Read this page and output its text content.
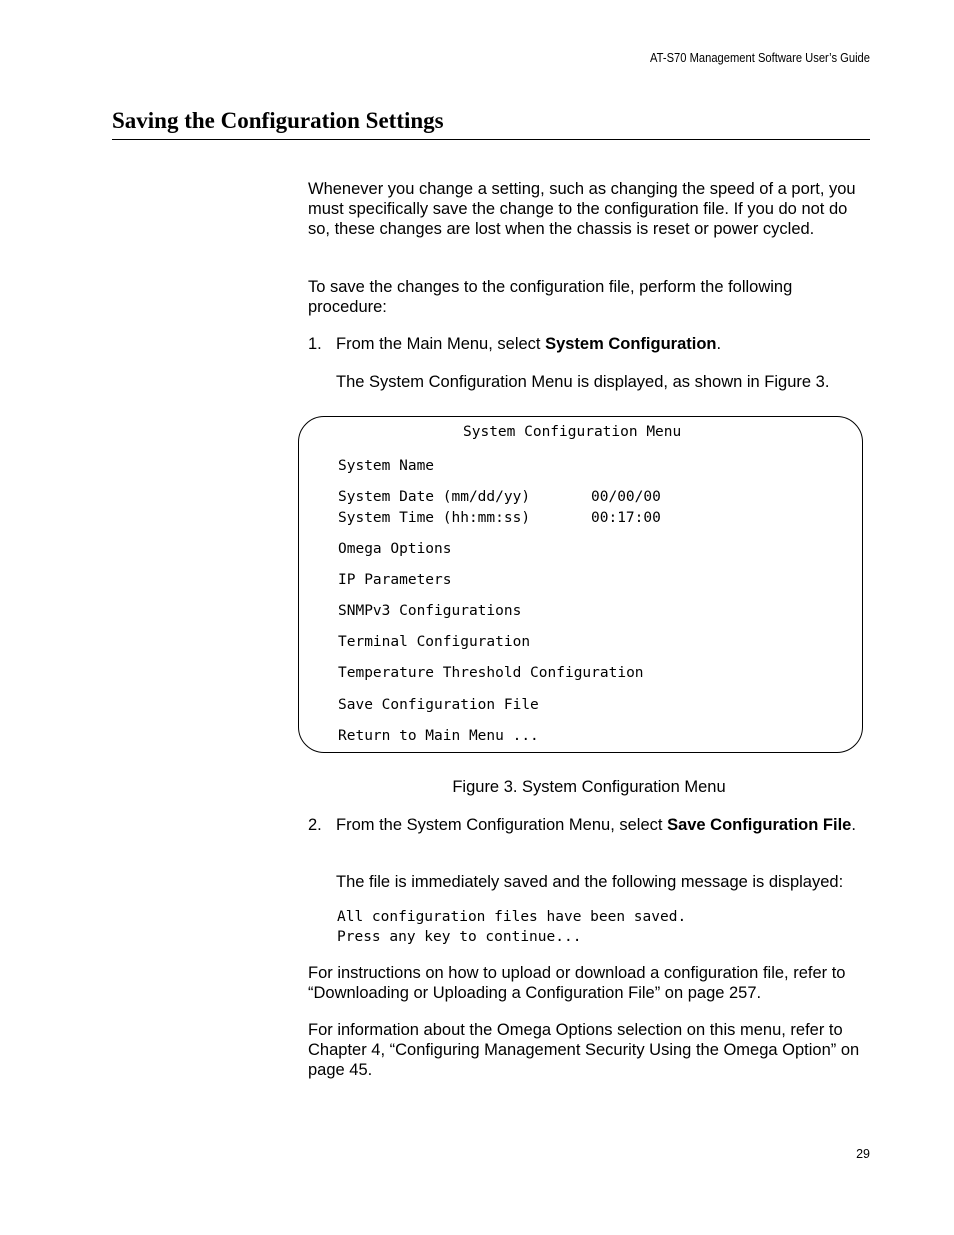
AT-S70 Management Software User’s Guide
Saving the Configuration Settings
Whenever you change a setting, such as changing the speed of a port, you must specifically save the change to the configuration file. If you do not do so, these changes are lost when the chassis is reset or power cycled.
To save the changes to the configuration file, perform the following procedure:
1. From the Main Menu, select System Configuration.
The System Configuration Menu is displayed, as shown in Figure 3.
System Configuration Menu
System Name
System Date (mm/dd/yy)	00/00/00
System Time (hh:mm:ss)	00:17:00
Omega Options
IP Parameters
SNMPv3 Configurations
Terminal Configuration
Temperature Threshold Configuration
Save Configuration File
Return to Main Menu ...
Figure 3. System Configuration Menu
2. From the System Configuration Menu, select Save Configuration File.
The file is immediately saved and the following message is displayed:
All configuration files have been saved.
Press any key to continue...
For instructions on how to upload or download a configuration file, refer to “Downloading or Uploading a Configuration File” on page 257.
For information about the Omega Options selection on this menu, refer to Chapter 4, “Configuring Management Security Using the Omega Option” on page 45.
29
